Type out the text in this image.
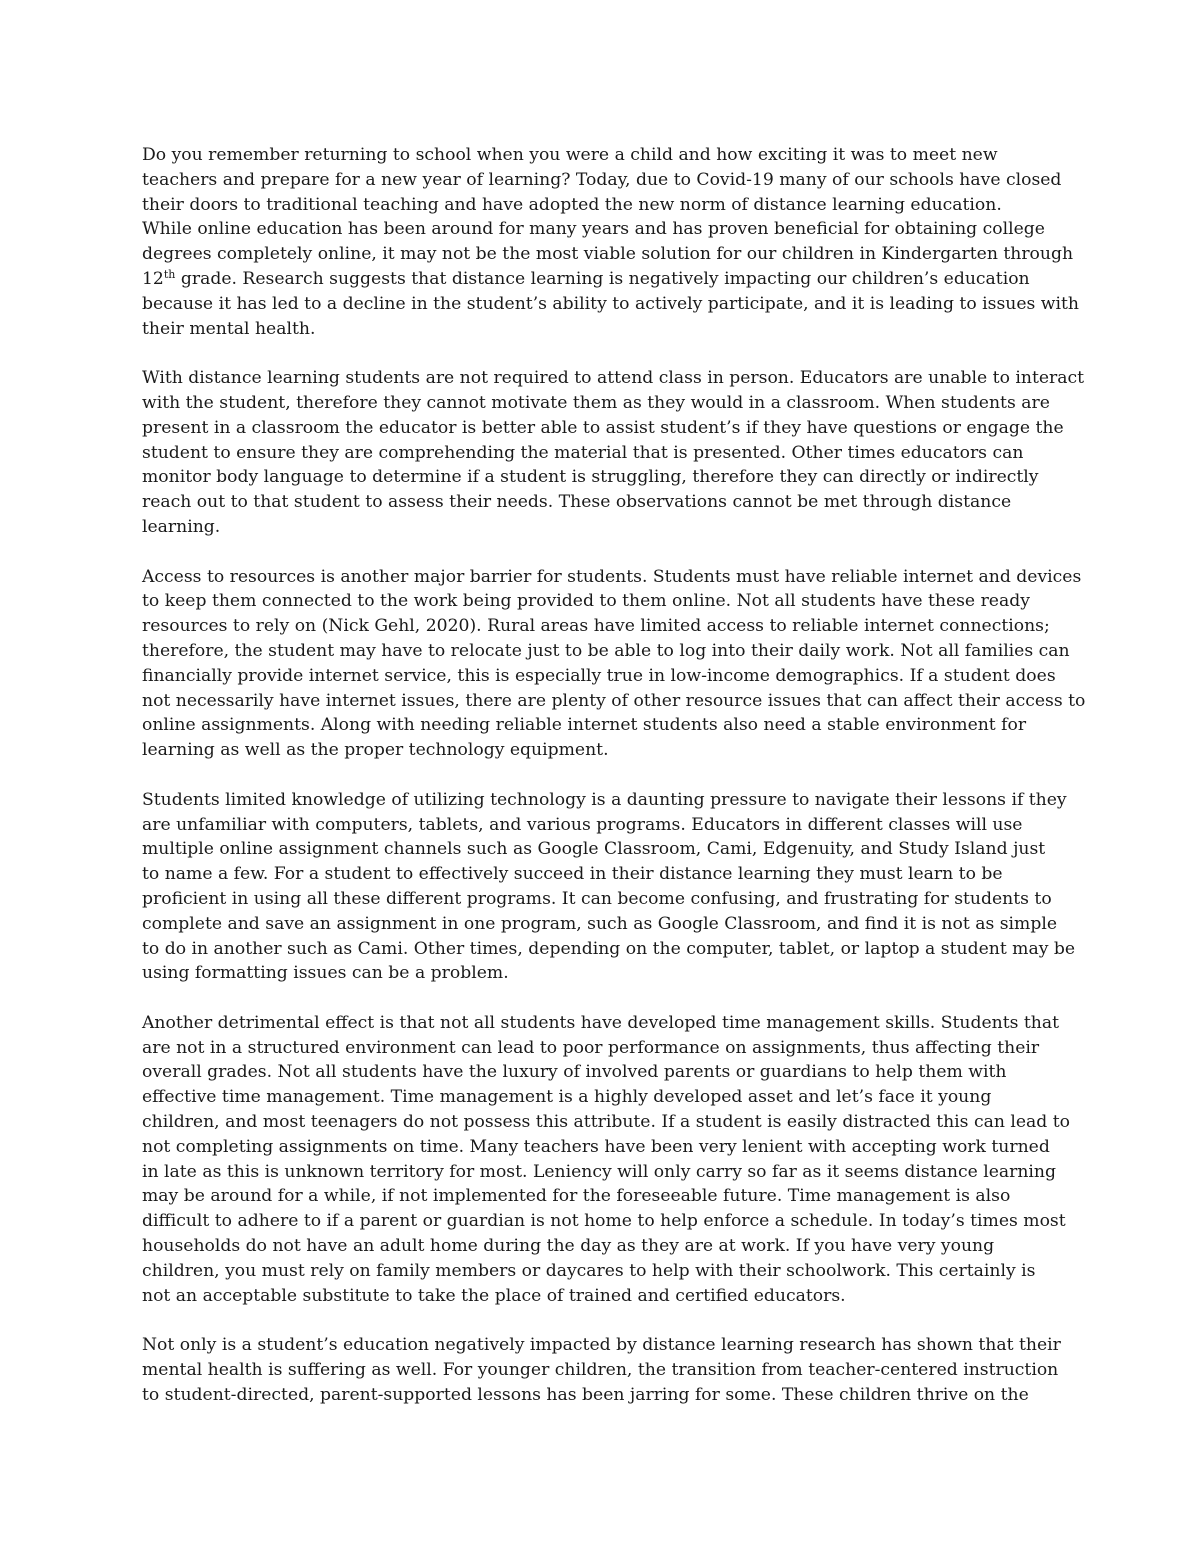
Do you remember returning to school when you were a child and how exciting it was to meet new
teachers and prepare for a new year of learning? Today, due to Covid-19 many of our schools have closed
their doors to traditional teaching and have adopted the new norm of distance learning education.
While online education has been around for many years and has proven beneficial for obtaining college
degrees completely online, it may not be the most viable solution for our children in Kindergarten through
12th grade. Research suggests that distance learning is negatively impacting our children’s education
because it has led to a decline in the student’s ability to actively participate, and it is leading to issues with
their mental health.

With distance learning students are not required to attend class in person. Educators are unable to interact
with the student, therefore they cannot motivate them as they would in a classroom. When students are
present in a classroom the educator is better able to assist student’s if they have questions or engage the
student to ensure they are comprehending the material that is presented. Other times educators can
monitor body language to determine if a student is struggling, therefore they can directly or indirectly
reach out to that student to assess their needs. These observations cannot be met through distance
learning.

Access to resources is another major barrier for students. Students must have reliable internet and devices
to keep them connected to the work being provided to them online. Not all students have these ready
resources to rely on (Nick Gehl, 2020). Rural areas have limited access to reliable internet connections;
therefore, the student may have to relocate just to be able to log into their daily work. Not all families can
financially provide internet service, this is especially true in low-income demographics. If a student does
not necessarily have internet issues, there are plenty of other resource issues that can affect their access to
online assignments. Along with needing reliable internet students also need a stable environment for
learning as well as the proper technology equipment.

Students limited knowledge of utilizing technology is a daunting pressure to navigate their lessons if they
are unfamiliar with computers, tablets, and various programs. Educators in different classes will use
multiple online assignment channels such as Google Classroom, Cami, Edgenuity, and Study Island just
to name a few. For a student to effectively succeed in their distance learning they must learn to be
proficient in using all these different programs. It can become confusing, and frustrating for students to
complete and save an assignment in one program, such as Google Classroom, and find it is not as simple
to do in another such as Cami. Other times, depending on the computer, tablet, or laptop a student may be
using formatting issues can be a problem.

Another detrimental effect is that not all students have developed time management skills. Students that
are not in a structured environment can lead to poor performance on assignments, thus affecting their
overall grades. Not all students have the luxury of involved parents or guardians to help them with
effective time management. Time management is a highly developed asset and let’s face it young
children, and most teenagers do not possess this attribute. If a student is easily distracted this can lead to
not completing assignments on time. Many teachers have been very lenient with accepting work turned
in late as this is unknown territory for most. Leniency will only carry so far as it seems distance learning
may be around for a while, if not implemented for the foreseeable future. Time management is also
difficult to adhere to if a parent or guardian is not home to help enforce a schedule. In today’s times most
households do not have an adult home during the day as they are at work. If you have very young
children, you must rely on family members or daycares to help with their schoolwork. This certainly is
not an acceptable substitute to take the place of trained and certified educators.

Not only is a student’s education negatively impacted by distance learning research has shown that their
mental health is suffering as well. For younger children, the transition from teacher-centered instruction
to student-directed, parent-supported lessons has been jarring for some. These children thrive on the
